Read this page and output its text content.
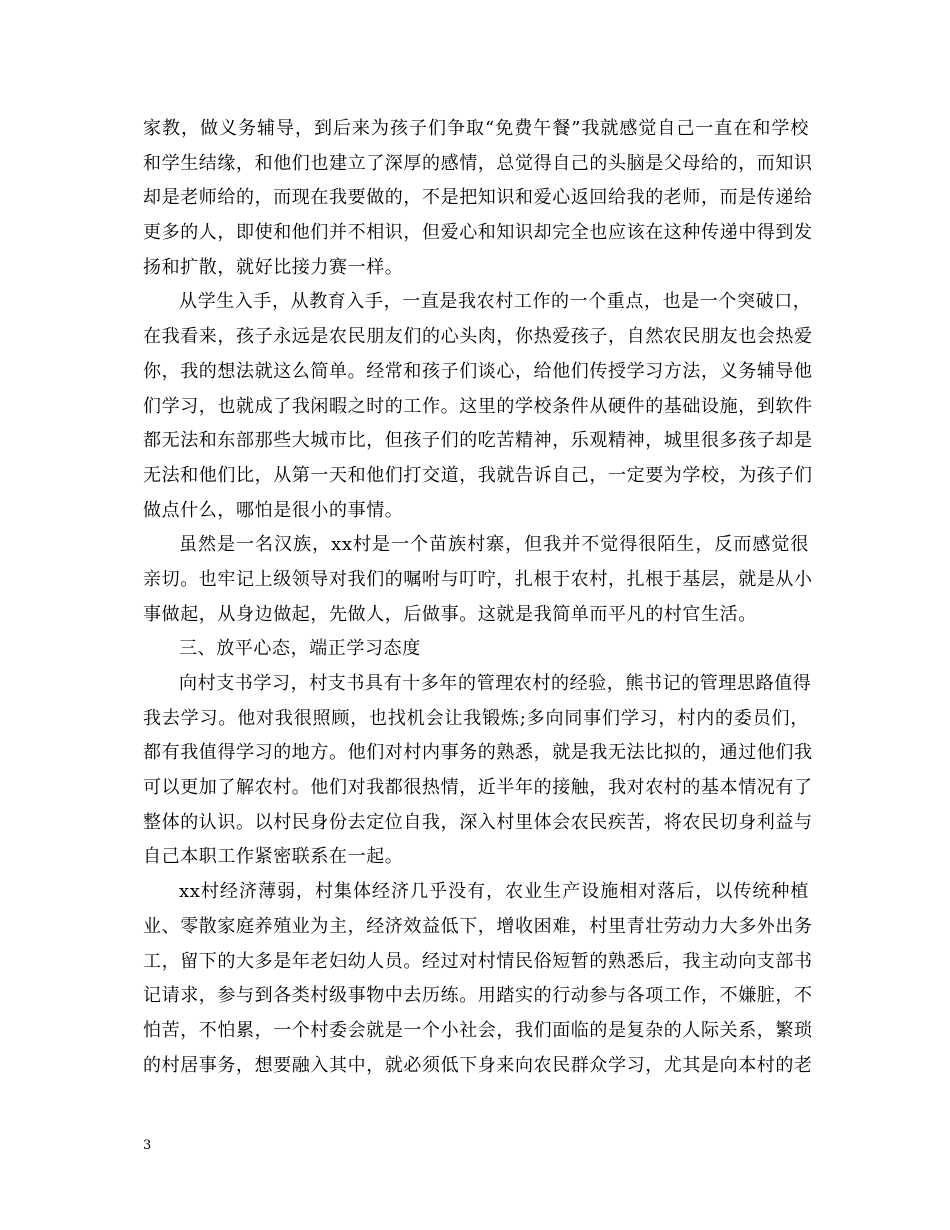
家教，做义务辅导，到后来为孩子们争取“免费午餐”我就感觉自己一直在和学校
和学生结缘，和他们也建立了深厚的感情，总觉得自己的头脑是父母给的，而知识
却是老师给的，而现在我要做的，不是把知识和爱心返回给我的老师，而是传递给
更多的人，即使和他们并不相识，但爱心和知识却完全也应该在这种传递中得到发
扬和扩散，就好比接力赛一样。
从学生入手，从教育入手，一直是我农村工作的一个重点，也是一个突破口，
在我看来，孩子永远是农民朋友们的心头肉，你热爱孩子，自然农民朋友也会热爱
你，我的想法就这么简单。经常和孩子们谈心，给他们传授学习方法，义务辅导他
们学习，也就成了我闲暇之时的工作。这里的学校条件从硬件的基础设施，到软件
都无法和东部那些大城市比，但孩子们的吃苦精神，乐观精神，城里很多孩子却是
无法和他们比，从第一天和他们打交道，我就告诉自己，一定要为学校，为孩子们
做点什么，哪怕是很小的事情。
虽然是一名汉族，xx村是一个苗族村寨，但我并不觉得很陌生，反而感觉很
亲切。也牢记上级领导对我们的嘱咐与叮咛，扎根于农村，扎根于基层，就是从小
事做起，从身边做起，先做人，后做事。这就是我简单而平凡的村官生活。
三、放平心态，端正学习态度
向村支书学习，村支书具有十多年的管理农村的经验，熊书记的管理思路值得
我去学习。他对我很照顾，也找机会让我锻炼;多向同事们学习，村内的委员们，
都有我值得学习的地方。他们对村内事务的熟悉，就是我无法比拟的，通过他们我
可以更加了解农村。他们对我都很热情，近半年的接触，我对农村的基本情况有了
整体的认识。以村民身份去定位自我，深入村里体会农民疾苦，将农民切身利益与
自己本职工作紧密联系在一起。
xx村经济薄弱，村集体经济几乎没有，农业生产设施相对落后，以传统种植
业、零散家庭养殖业为主，经济效益低下，增收困难，村里青壮劳动力大多外出务
工，留下的大多是年老妇幼人员。经过对村情民俗短暂的熟悉后，我主动向支部书
记请求，参与到各类村级事物中去历练。用踏实的行动参与各项工作，不嫌脏，不
怕苦，不怕累，一个村委会就是一个小社会，我们面临的是复杂的人际关系，繁琐
的村居事务，想要融入其中，就必须低下身来向农民群众学习，尤其是向本村的老
3
